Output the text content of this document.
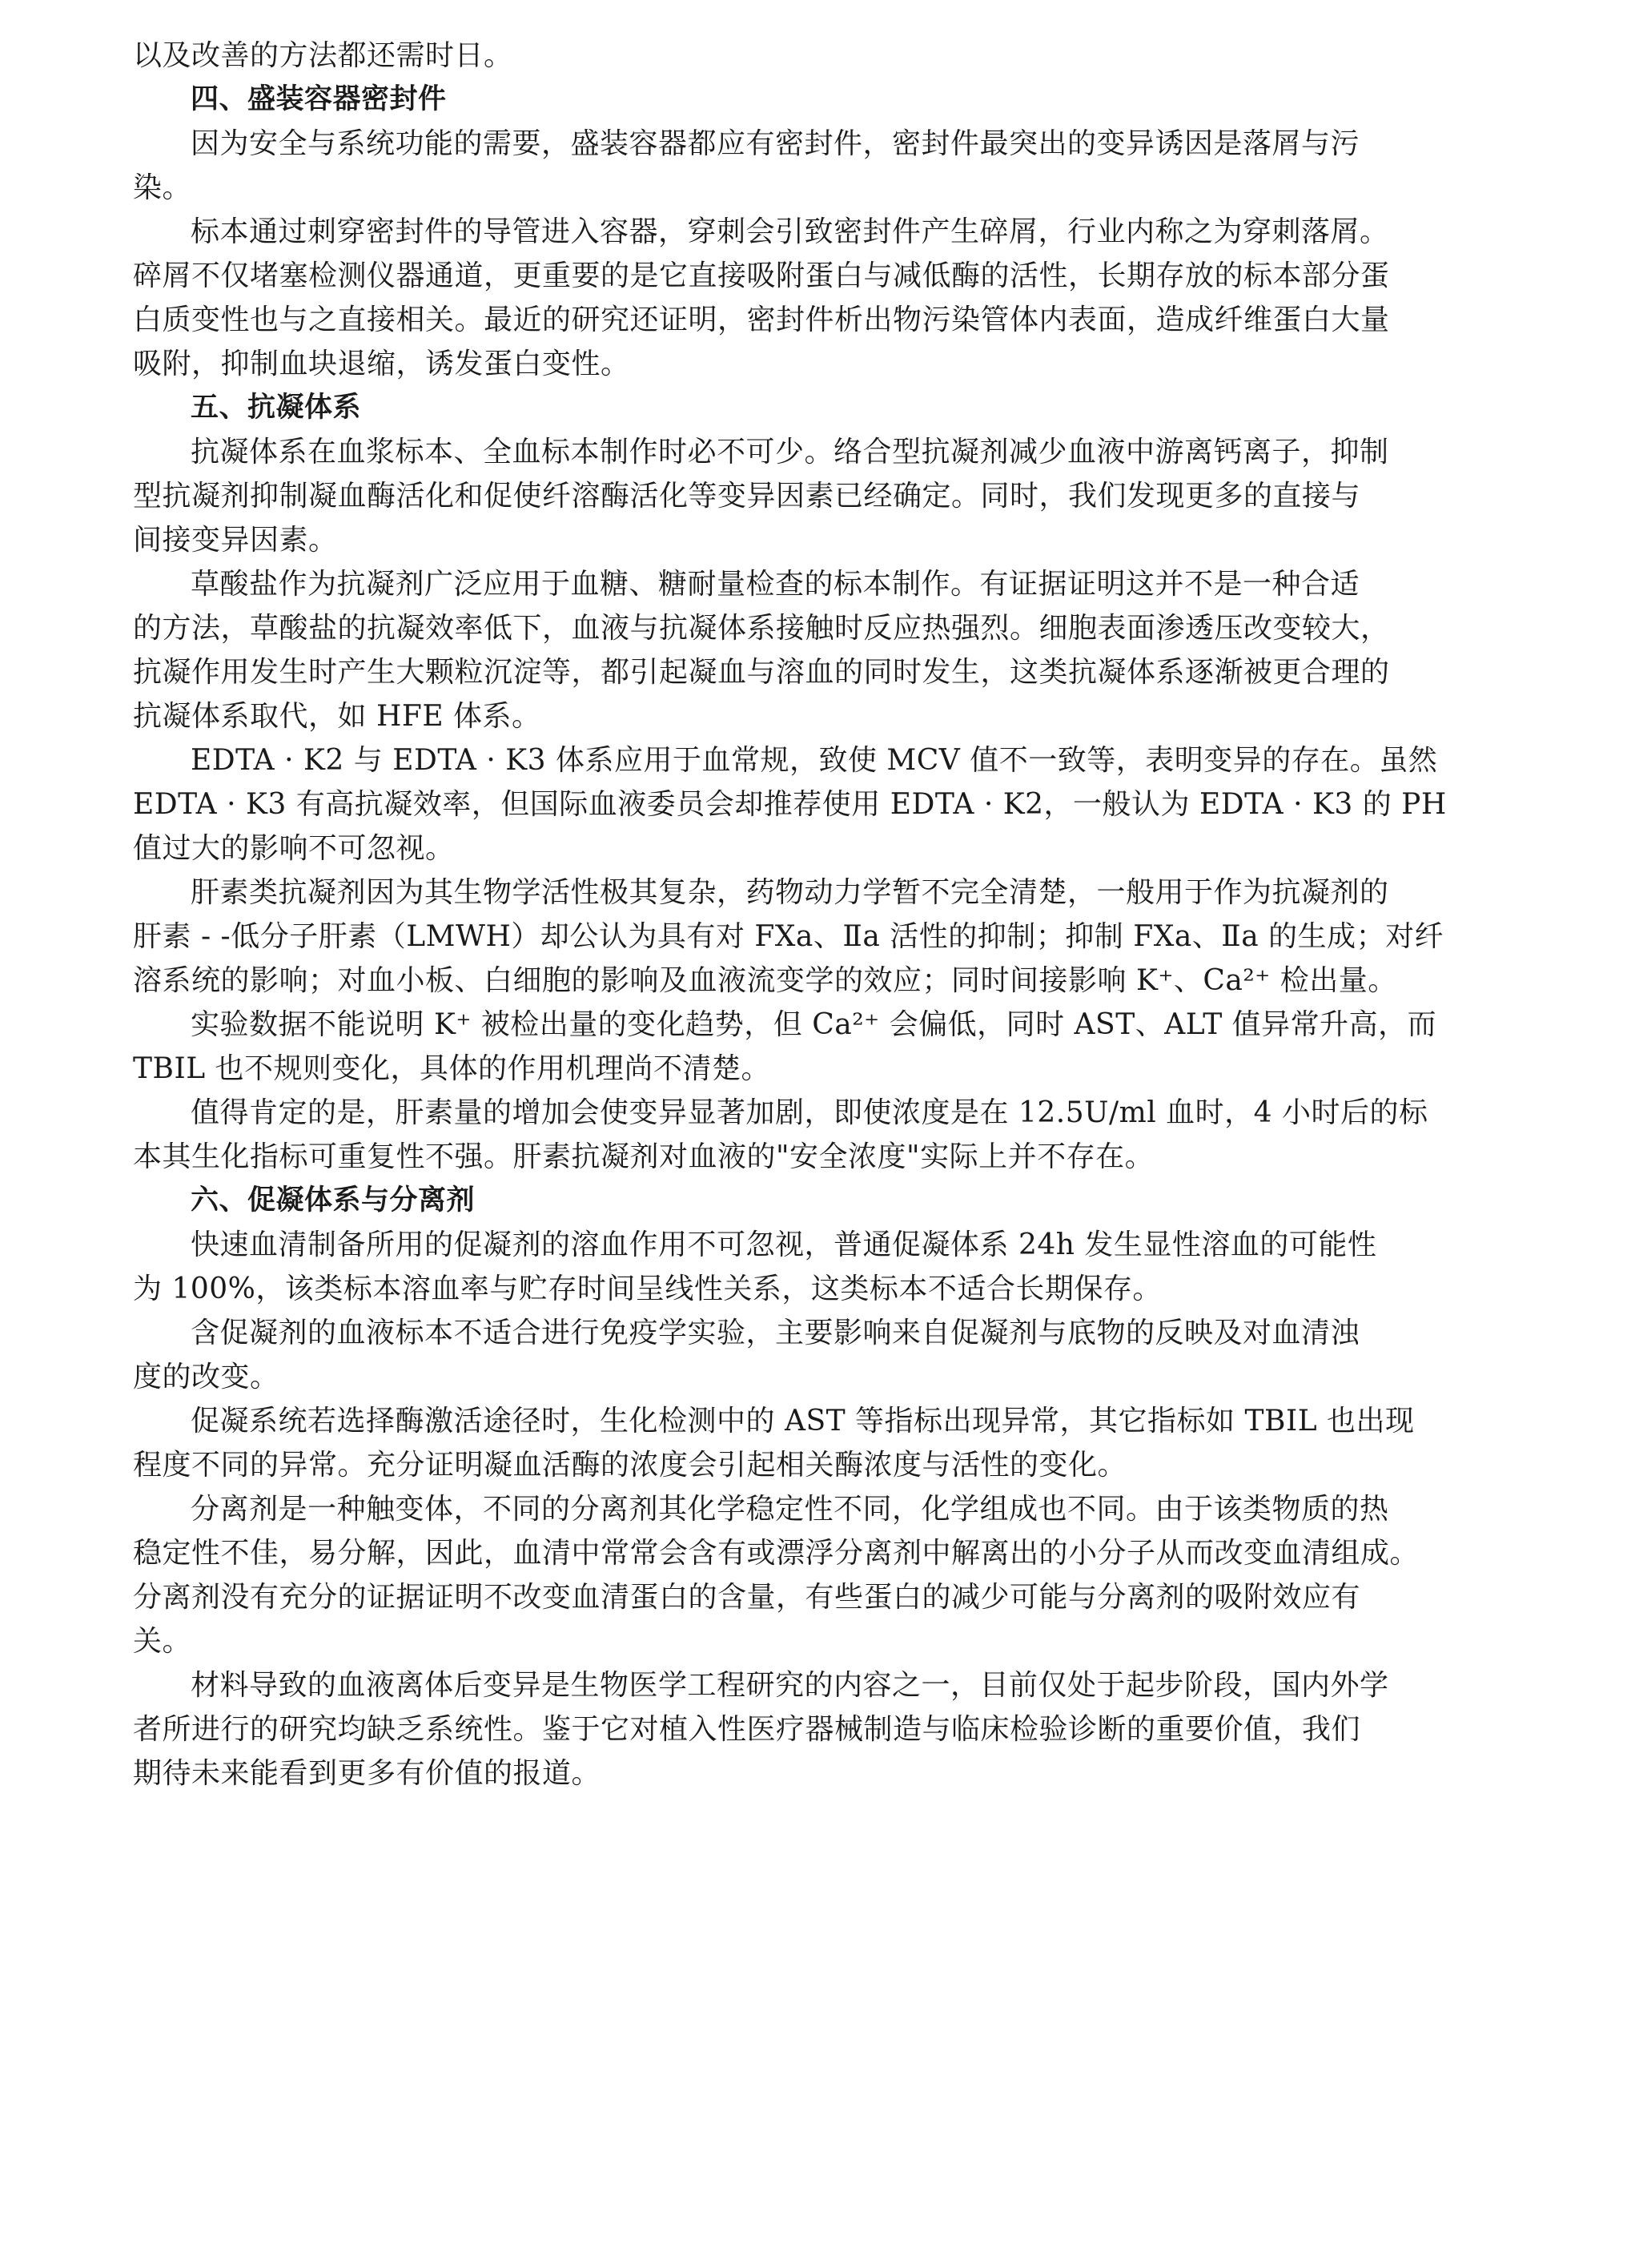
以及改善的方法都还需时日。
四、盛装容器密封件
因为安全与系统功能的需要，盛装容器都应有密封件，密封件最突出的变异诱因是落屑与污
染。
标本通过刺穿密封件的导管进入容器，穿刺会引致密封件产生碎屑，行业内称之为穿刺落屑。
碎屑不仅堵塞检测仪器通道，更重要的是它直接吸附蛋白与减低酶的活性，长期存放的标本部分蛋
白质变性也与之直接相关。最近的研究还证明，密封件析出物污染管体内表面，造成纤维蛋白大量
吸附，抑制血块退缩，诱发蛋白变性。
五、抗凝体系
抗凝体系在血浆标本、全血标本制作时必不可少。络合型抗凝剂减少血液中游离钙离子，抑制
型抗凝剂抑制凝血酶活化和促使纤溶酶活化等变异因素已经确定。同时，我们发现更多的直接与
间接变异因素。
草酸盐作为抗凝剂广泛应用于血糖、糖耐量检查的标本制作。有证据证明这并不是一种合适
的方法，草酸盐的抗凝效率低下，血液与抗凝体系接触时反应热强烈。细胞表面渗透压改变较大，
抗凝作用发生时产生大颗粒沉淀等，都引起凝血与溶血的同时发生，这类抗凝体系逐渐被更合理的
抗凝体系取代，如 HFE 体系。
EDTA · K2 与 EDTA · K3 体系应用于血常规，致使 MCV 值不一致等，表明变异的存在。虽然
EDTA · K3 有高抗凝效率，但国际血液委员会却推荐使用 EDTA · K2，一般认为 EDTA · K3 的 PH
值过大的影响不可忽视。
肝素类抗凝剂因为其生物学活性极其复杂，药物动力学暂不完全清楚，一般用于作为抗凝剂的
肝素 - -低分子肝素（LMWH）却公认为具有对 FXa、Ⅱa 活性的抑制；抑制 FXa、Ⅱa 的生成；对纤
溶系统的影响；对血小板、白细胞的影响及血液流变学的效应；同时间接影响 K⁺、Ca²⁺ 检出量。
实验数据不能说明 K⁺ 被检出量的变化趋势，但 Ca²⁺ 会偏低，同时 AST、ALT 值异常升高，而
TBIL 也不规则变化，具体的作用机理尚不清楚。
值得肯定的是，肝素量的增加会使变异显著加剧，即使浓度是在 12.5U/ml 血时，4 小时后的标
本其生化指标可重复性不强。肝素抗凝剂对血液的"安全浓度"实际上并不存在。
六、促凝体系与分离剂
快速血清制备所用的促凝剂的溶血作用不可忽视，普通促凝体系 24h 发生显性溶血的可能性
为 100%，该类标本溶血率与贮存时间呈线性关系，这类标本不适合长期保存。
含促凝剂的血液标本不适合进行免疫学实验，主要影响来自促凝剂与底物的反映及对血清浊
度的改变。
促凝系统若选择酶激活途径时，生化检测中的 AST 等指标出现异常，其它指标如 TBIL 也出现
程度不同的异常。充分证明凝血活酶的浓度会引起相关酶浓度与活性的变化。
分离剂是一种触变体，不同的分离剂其化学稳定性不同，化学组成也不同。由于该类物质的热
稳定性不佳，易分解，因此，血清中常常会含有或漂浮分离剂中解离出的小分子从而改变血清组成。
分离剂没有充分的证据证明不改变血清蛋白的含量，有些蛋白的减少可能与分离剂的吸附效应有
关。
材料导致的血液离体后变异是生物医学工程研究的内容之一，目前仅处于起步阶段，国内外学
者所进行的研究均缺乏系统性。鉴于它对植入性医疗器械制造与临床检验诊断的重要价值，我们
期待未来能看到更多有价值的报道。
